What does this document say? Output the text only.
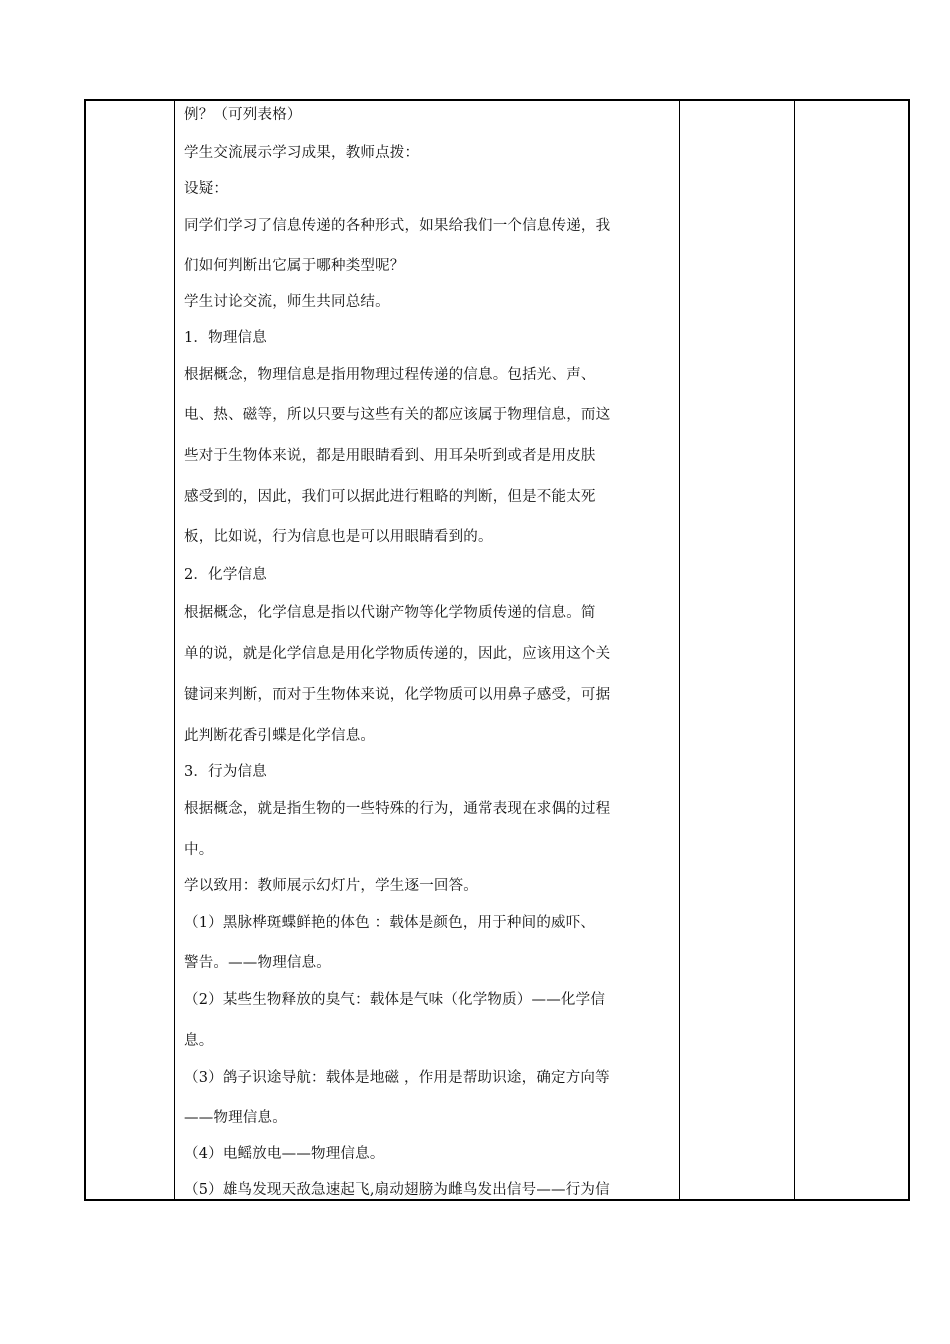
例？（可列表格）
学生交流展示学习成果，教师点拨：
设疑：
同学们学习了信息传递的各种形式，如果给我们一个信息传递，我
们如何判断出它属于哪种类型呢？
学生讨论交流，师生共同总结。
1．物理信息
根据概念，物理信息是指用物理过程传递的信息。包括光、声、
电、热、磁等，所以只要与这些有关的都应该属于物理信息，而这
些对于生物体来说，都是用眼睛看到、用耳朵听到或者是用皮肤
感受到的，因此，我们可以据此进行粗略的判断，但是不能太死
板，比如说，行为信息也是可以用眼睛看到的。
2．化学信息
根据概念，化学信息是指以代谢产物等化学物质传递的信息。简
单的说，就是化学信息是用化学物质传递的，因此，应该用这个关
键词来判断，而对于生物体来说，化学物质可以用鼻子感受，可据
此判断花香引蝶是化学信息。
3．行为信息
根据概念，就是指生物的一些特殊的行为，通常表现在求偶的过程
中。
学以致用：教师展示幻灯片，学生逐一回答。
（1）黑脉桦斑蝶鲜艳的体色 ：载体是颜色，用于种间的威吓、
警告。——物理信息。
（2）某些生物释放的臭气：载体是气味（化学物质）——化学信
息。
（3）鸽子识途导航：载体是地磁 ，作用是帮助识途，确定方向等
——物理信息。
（4）电鳐放电——物理信息。
（5）雄鸟发现天敌急速起飞,扇动翅膀为雌鸟发出信号——行为信
